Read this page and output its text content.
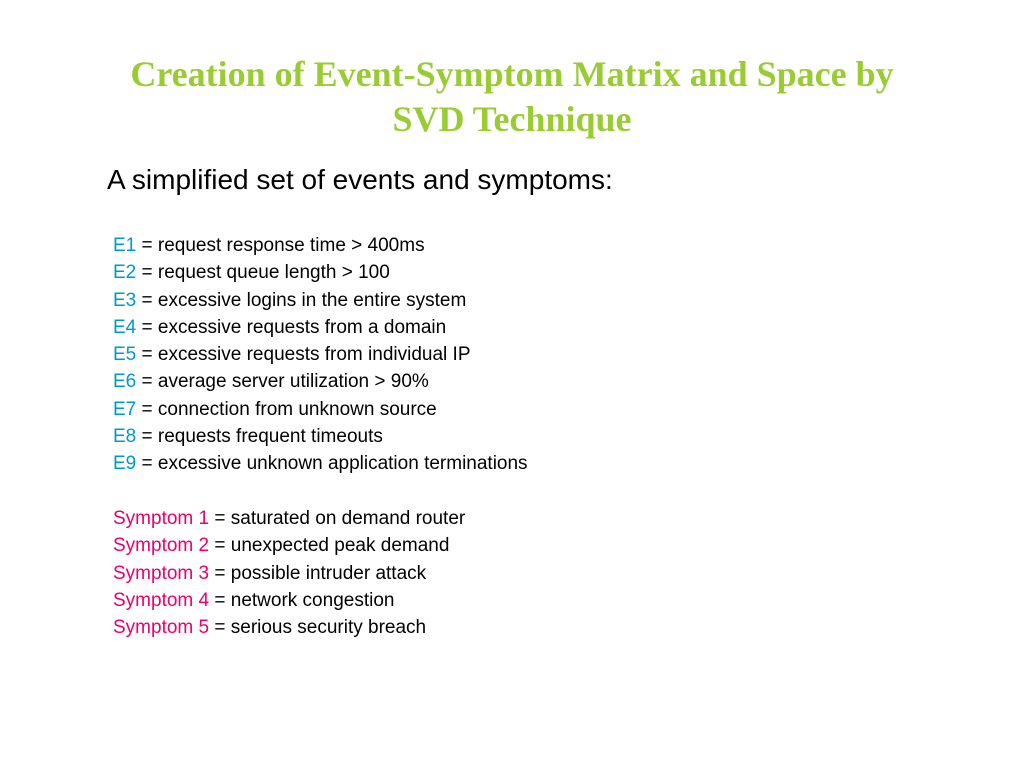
Creation of Event-Symptom Matrix and Space by
SVD Technique
A simplified set of events and symptoms:
E1 = request response time > 400ms
E2 = request queue length > 100
E3 = excessive logins in the entire system
E4 = excessive requests from a domain
E5 = excessive requests from individual IP
E6 = average server utilization > 90%
E7 = connection from unknown source
E8 = requests frequent timeouts
E9 = excessive unknown application terminations
Symptom 1 = saturated on demand router
Symptom 2 = unexpected peak demand
Symptom 3 = possible intruder attack
Symptom 4 = network congestion
Symptom 5 = serious security breach
